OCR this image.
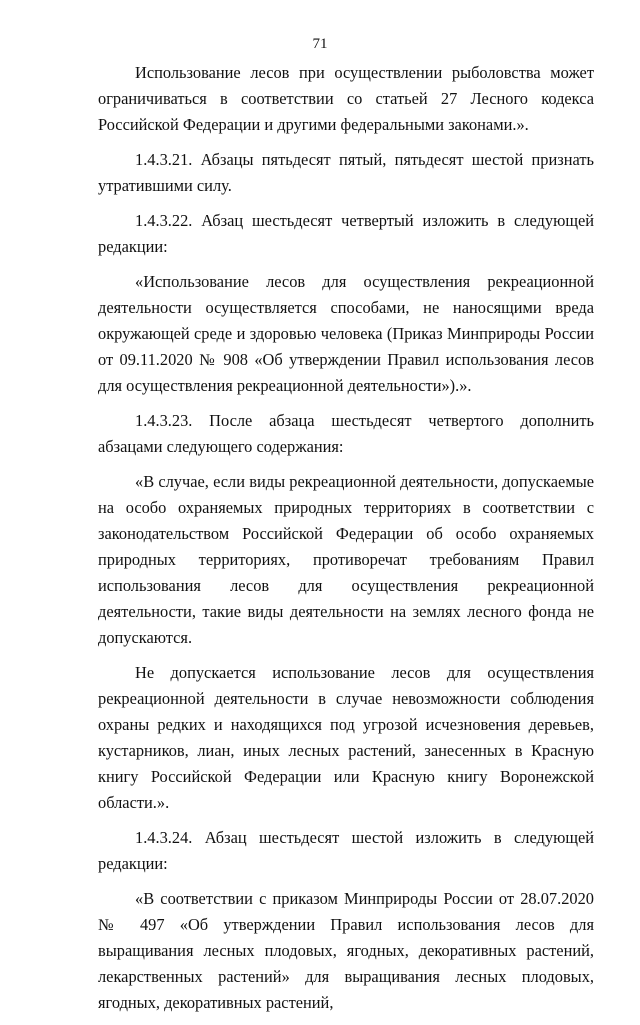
71

Использование лесов при осуществлении рыболовства может ограничиваться в соответствии со статьей 27 Лесного кодекса Российской Федерации и другими федеральными законами.».

1.4.3.21. Абзацы пятьдесят пятый, пятьдесят шестой признать утратившими силу.

1.4.3.22. Абзац шестьдесят четвертый изложить в следующей редакции:

«Использование лесов для осуществления рекреационной деятельности осуществляется способами, не наносящими вреда окружающей среде и здоровью человека (Приказ Минприроды России от 09.11.2020 № 908 «Об утверждении Правил использования лесов для осуществления рекреационной деятельности»).».

1.4.3.23. После абзаца шестьдесят четвертого дополнить абзацами следующего содержания:

«В случае, если виды рекреационной деятельности, допускаемые на особо охраняемых природных территориях в соответствии с законодательством Российской Федерации об особо охраняемых природных территориях, противоречат требованиям Правил использования лесов для осуществления рекреационной деятельности, такие виды деятельности на землях лесного фонда не допускаются.

Не допускается использование лесов для осуществления рекреационной деятельности в случае невозможности соблюдения охраны редких и находящихся под угрозой исчезновения деревьев, кустарников, лиан, иных лесных растений, занесенных в Красную книгу Российской Федерации или Красную книгу Воронежской области.».

1.4.3.24. Абзац шестьдесят шестой изложить в следующей редакции:

«В соответствии с приказом Минприроды России от 28.07.2020 № 497 «Об утверждении Правил использования лесов для выращивания лесных плодовых, ягодных, декоративных растений, лекарственных растений» для выращивания лесных плодовых, ягодных, декоративных растений,
